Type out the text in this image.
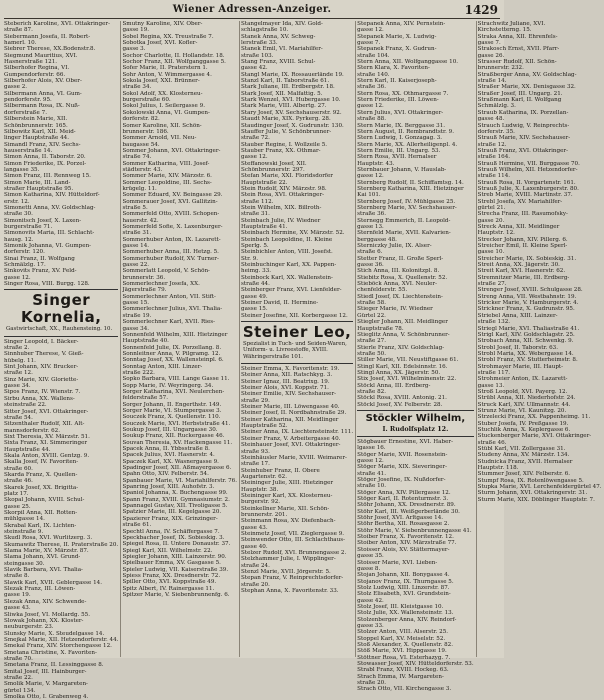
Wiener Adressen-Anzeiger.	1429
Steberich Karoline, XVI. Ottakringer-
straße 87.
Siebermann Josefa, II. Robert-
hamerl. 10.
Siebrer Therese, XX.Bodenstr.8.
Siegmund Mauritius, XVI.
Hasnerstraße 121.
Silberhofer Regina, VI.
Gumpendorferstr. 66.
Silberhofer Alois, XV. Ober-
gasse 2.
Silbermann Anna, VI. Gum-
pendorferstr. 95.
Silbermann Rosa, IX. Nuß-
dorferstraße 7.
Silberstein Marie, XII.
Schönbrunnerstr. 165.
Silbowitz Karl, XII. Meid-
linger Hauptstraße 44.
Simandl Franz, XIV. Sechs-
hauserstraße 14.
Simon Anna, II. Taborstr. 20.
Simon Friederike, IX. Porzel-
langasse 35.
Simon Franz, III. Rennweg 15.
Simon Marie, III. Land-
straßer Hauptstraße 95.
Simon Katharina, XIV. Hütteldorf-
erstr. 12.
Simonetti Anna, XV. Goldschlag-
straße 30.
Simonitsch Josef, X. Laxen-
burgerstraße 71.
Simonovits Maria, III. Schlacht-
hausg. 12.
Simonik Johanna, VI. Gumpen-
dorferstr. 120.
Sinai Franz, II. Wolfgang
Schmälzlg. 17.
Sinkovits Franz, XV. Feld-
gasse 12.
Singer Rosa, VIII. Burgg. 128.
Singer Kornelia,
Gastwirtschaft, XX., Rauhensteing. 10.
Singer Leopold, I. Bäcker-
straße 2.
Sinnhuber Therese, V. Gieß-
hübelg. 11.
Sint Johann, XIV. Brucker-
straße 12.
Sinz Marie, XIV. Gloriette-
gasse 34.
Sipos Franz, IV. Wienstr. 7.
Sirbu Anna, XX. Wallens-
steinstraße 22.
Sitter Josef, XVI. Ottakringer-
straße 54.
Sitzenthaler Rudolf, XII. Alt-
mannsdorferstr. 62.
Sixt Theresia, XV. Märzstr. 51.
Sixta Franz, XI. Simmeringer
Hauptstraße 44.
Skala Anton, XVIII. Gentzg. 9.
Skalla Josef, IV. Favoriten-
straße 60.
Skarda Franz, X. Quellen-
straße 46.
Skarek Josef, XX. Brigitta-
platz 17.
Skopal Johann, XVIII. Schul-
gasse 25.
Skorpil Anna, XII. Rotten-
mühlgasse 14.
Skrabal Karl, IX. Lichten-
steinstraße 9.
Skudl Rosa, XVI. Wurlitzerg. 3.
Skumawitz Therese, II. Praterstraße 20.
Slama Marie, XV. Märzstr. 87.
Slama Johann, XVI. Grund-
steingasse 30.
Slavik Barbara, XVI. Thalia-
straße 8.
Slawik Karl, XVII. Geblergasse 14.
Slezak Franz, III. Löwen-
gasse 19.
Slezak Anna, XIV. Schwende-
gasse 43.
Sliwka Josef, VI. Mollardg. 55.
Slowak Johann, XX. Kloster-
neuburgerstr. 23.
Slunsky Marie, X. Steudelgasse 14.
Smejkal Marie, XII. Hetzendorferstr. 44.
Smekal Franz, XIV. Storchengasse 12.
Smetana Christine, X. Favoriten-
straße 70.
Smetana Franz, II. Lessinggasse 8.
Smital Josef, III. Hainburger-
straße 22.
Smolik Marie, V. Margareten-
gürtel 134.
Smolka Otto, I. Grabenweg 4.
Smutny Karoline, XIV. Ober-
gasse 19.
Sobel Regina, XX. Treustraße 7.
Sobotka Josef, XVI. Kofler-
gasse 3.
Sochor Charlotte, II. Hollandstr. 18.
Sochor Franz, XII. Wolfganggasse 5.
Sofer Marie, II. Praterstern 1.
Sohr Anton, V. Wimmergasse 4.
Sokola Josef, XXI. Brünner-
straße 34.
Sokol Adolf, XX. Klosterneu-
burgerstraße 60.
Sokol Julius, I. Seilergasse 9.
Sokolowski Anna, VI. Gumpen-
dorferstr. 82.
Somer Karoline, XII. Schön-
brunnerstr. 186.
Sommer Arnold, VII. Neu-
baugasse 54.
Sommer Johann, XVI. Ottakringer-
straße 74.
Sommer Katharina, VIII. Josef-
städterstr. 43.
Sommer Marie, XIV. Märzstr. 6.
Sommer Leopoldine, III. Sechs-
krügelg. 11.
Sommer Eduard, XV. Beingasse 29.
Sommerauer Josef, XVI. Gallitzin-
straße 5.
Sommerfeld Otto, XVIII. Schopen-
hauerstr. 42.
Sommerfeld Sofie, X. Laxenburger-
straße 31.
Sommerhuber Anton, IX. Lazarett-
gasse 14.
Sommerhuber Anna, III. Hetzg. 5.
Sommerhuber Rudolf, XV. Turner-
gasse 22.
Sommerlatt Leopold, V. Schön-
brunnerstr. 36.
Sommerlechner Josefa, XX.
Jägerstraße 79.
Sommerlechner Anton, VII. Stift-
gasse 15.
Sommerlechner Julius, XVI. Thalia-
straße 19.
Sommerlechner Karl, XVII. Ries-
gasse 34.
Sonnenfeld Wilhelm, XIII. Hietzinger
Hauptstraße 40.
Sonnenfeld Julie, IX. Porzellang. 8.
Sonnleitner Anna, V. Pilgramg. 12.
Sonntag Josef, XX. Wallensteinpl. 6.
Sonntag Anton, XIII. Linzer-
straße 222.
Sopko Barbara, VIII. Lange Gasse 11.
Sopp Marie, IV. Weyringerg. 34.
Sorger Katharina, XVI. Neulerchen-
felderstraße 57.
Sorger Johann, II. Engerthstr. 149.
Sorger Marie, VI. Stumpergasse 3.
Souczek Franz, X. Quellenstr. 110.
Souczek Marie, XVI. Herbststraße 41.
Soukup Josef, III. Ungargasse 30.
Soukup Franz, XII. Ruckergasse 46.
Souvan Theresia, XV. Hackengasse 11.
Spacek Anna, II. Ybbsstraße 8.
Spacek Julius, XVI. Hasnerstr. 4.
Spaczek Karl, XX. Wasnergasse 9.
Spadinger Josef, XII. Aßmayergasse 6.
Spahn Otto, XIV. Felberstr. 54.
Spanbauer Marie, VI. Mariahilferstr. 76.
Spanring Josef, XIII. Auhofstr. 3.
Spaniol Johanna, X. Buchengasse 99.
Spann Franz, XVIII. Gymnasiumstr. 2.
Spannagel Gustav, XII. Tivoligasse 5.
Spatzier Marie, III. Kegelgasse 20.
Spazierer Franz, XIX. Grinzinger-
straße 61.
Spechtl Anna, IV. Schäffergasse 7.
Speckbacher Josef, IX. Sobieskig. 3.
Spiegel Rosa, II. Untere Donaustr. 37.
Spiegl Karl, XII. Wilhelmstr. 22.
Spiegler Johann, XIII. Lainzerstr. 90.
Spielbauer Emma, XV. Gasgasse 5.
Spieler Ludwig, VII. Kaiserstraße 39.
Spiess Franz, XX. Dresdnerstr. 72.
Spiller Otto, XVI. Koppstraße 49.
Spitz Albert, IV. Rainergasse 11.
Spitzer Marie, V. Siebenbrunnenfg. 6.
Stangelmayer Ida, XIV. Gold-
schlagstraße 10.
Stanek Anna, XV. Schweg-
lerstraße 33.
Stanek Emil, VI. Mariahilfer-
straße 103.
Stang Franz, XVIII. Schul-
gasse 42.
Stangl Marie, IX. Rossauerlände 19.
Stanzl Karl, II. Taborstraße 61.
Stark Juliane, III. Erdbergstr. 18.
Stark Josef, XII. Malfattig. 5.
Stark Wenzel, XVI. Hubergasse 10.
Stark Marie, VIII. Albertg. 27.
Stary Josef, XV. Sechshauserstr. 92.
Staudt Marie, XIX. Pyrkerg. 28.
Staudinger Josef, X. Gudrunstr. 130.
Stauffer Julie, V. Schönbrunner-
straße 72.
Stauber Regine, I. Wollzeile 5.
Stauber Franz, XX. Othmar-
gasse 12.
Steffanowski Josef, XII.
Schönbrunnerstr. 297.
Stefan Marie, XXI. Floridsdorfer
Hauptstraße 22.
Stein Rudolf, XIV. Märzstr. 98.
Stein Rosa, XVI. Ottakringer-
straße 112.
Stein Wilhelm, XIX. Billroth-
straße 31.
Steinbach Julie, IV. Wiedner
Hauptstraße 41.
Steinbach Hermine, XV. Märzstr. 52.
Steinbach Leopoldine, II. Kleine
Sperlg. 5.
Steinbichler Anton, VIII. Josefst.
Str. 9.
Steinbuchinger Karl, XX. Pappen-
heimg. 33.
Steinbock Karl, XX. Wallenstein-
straße 44.
Steinberger Franz, XVI. Lienfelder-
gasse 49.
Steiner David, II. Hermine-
gasse 15.
Steiner Josefine, XII. Korbergasse 12.
Steiner Leo,
Spezialist in Tuch- und Seiden-Waren, Uniform- u. Livreestoffe, XVIII. Währingerstraße 101.
Steiner Emma, X. Favoritenstr. 19.
Steiner Anna, XII. Ratschkyg. 3.
Steiner Ignaz, III. Beatrixg. 19.
Steiner Alois, XVI. Koppstr. 71.
Steiner Emilie, XIV. Sechshauser-
straße 29.
Steiner Marie, III. Löwengasse 40.
Steiner Josef, II. Nordbahnstraße 29.
Steiner Katharina, XII. Meidlinger
Hauptstraße 52.
Steiner Anna, IX. Liechtensteinstr. 111.
Steiner Franz, V. Arbeitergasse 40.
Steinhauer Josef, XVI. Ottakringer-
straße 93.
Steinhäusler Marie, XVIII. Weimarer-
straße 17.
Steinhuber Franz, II. Obere
Augartenstr. 62.
Steininger Julie, XIII. Hietzinger
Hauptstr. 38.
Steininger Karl, XX. Klosterneu-
burgerstr. 92.
Steinkellner Marie, XII. Schön-
brunnerstr. 201.
Steinmann Rosa, XV. Diefenbach-
gasse 43.
Steinmetz Josef, VII. Zieglergasse 9.
Steinwender Otto, III. Schlachthaus-
gasse 40.
Stelzer Rudolf, XVI. Brunnengasse 2.
Stelzhammer Julie, I. Wipplinger-
straße 24.
Stenzl Marie, XVII. Jörgerstr. 5.
Stepan Franz, V. Reinprechtsdorfer-
straße 20.
Stephan Anna, X. Favoritenstr. 33.
Stepanek Anna, XIV. Pernstein-
gasse 12.
Stepanek Marie, X. Ludwig-
gasse 7.
Stepanek Franz, X. Gudrun-
straße 104.
Stern Anna, XII. Wolfganggasse 10.
Stern Klara, X. Favoriten-
straße 140.
Stern Karl, II. Kaiserjoseph-
straße 36.
Stern Rosa, XX. Othmargasse 7.
Stern Friederike, III. Löwen-
gasse 12.
Stern Julius, XVI. Ottakringer-
straße 88.
Stern Marie, IX. Berggasse 31.
Stern August, II. Rembrandtstr. 9.
Stern Ludwig, I. Gonzagag. 3.
Stern Marie, XX. Allerheiligenpl. 4.
Stern Emilie, III. Ungarg. 53.
Stern Rosa, XVII. Hernalser
Hauptstr. 43.
Sternbauer Johann, V. Hauslab-
gasse 12.
Sternberg Rudolf, II. Schiffamtsg. 14.
Sternberg Katharina, XIII. Hietzinger
Kai 101.
Sternberg Josef, IV. Mühlgasse 25.
Sternberg Marie, XV. Sechshauser-
straße 36.
Sternegg Emmerich, II. Leopold-
gasse 13.
Sternfeld Marie, XVII. Kalvarien-
berggasse 48.
Sterniczky Julie, IX. Alser-
straße 6.
Stetter Franz, II. Große Sperl-
gasse 36.
Stich Anna, III. Kolonitzpl. 8.
Stiebitz Rosa, X. Quellenstr. 52.
Stieböck Anna, XVI. Neuler-
chenfelderstr. 55.
Stiedl Josef, IX. Liechtenstein-
straße 58.
Stieger Marie, IV. Wiedner
Gürtel 22.
Stiegler Johann, XII. Meidlinger
Hauptstraße 78.
Stieglitz Anna, V. Schönbrunner-
straße 27.
Stierle Franz, XIV. Goldschlag-
straße 50.
Stiller Marie, VII. Neustiftgasse 61.
Stingl Karl, XII. Edelsinnstr. 16.
Stingl Anna, XX. Jägerstr. 50.
Stix Josef, XVI. Wilhelminenstr. 22.
Stöckl Anna, III. Erdberg-
straße 82.
Stöckl Rosa, XVIII. Antonig. 21.
Stöckl Josef, XV. Felberstr. 28.
Stöckler Wilhelm,
I. Rudolfsplatz 12.
Stögbauer Ernestine, XVI. Haber-
lgasse 16.
Stöger Marie, XVII. Rosenstein-
gasse 12.
Stöger Marie, XIX. Sieveringer-
straße 41.
Stöger Josefine, IX. Nußdorfer-
straße 10.
Stöger Anna, XIV. Pillergasse 12.
Stöger Karl, II. Rotenturmstr. 3.
Stöhr Johann, XX. Dresdnerstr. 89.
Stöhr Karl, III. Weißgerberlände 30.
Stöhr Josef, XVI. Arltgasse 14.
Stöhr Bertha, XII. Rosasgasse 2.
Stöhr Marie, V. Siebenbrunnengasse 41.
Stoiber Franz, X. Favoritenstr. 12.
Stoiber Anton, XIV. Märzstraße 77.
Stoisser Alois, XV. Stättermayer-
gasse 35.
Stoisser Marie, XVI. Lieben-
gasse 8.
Stojan Johann, XII. Bonygasse 4.
Stojanov Franz, IX. Thurngasse 5.
Stolz Ludwig, XIII. Linzerstr. 87.
Stolz Elisabeth, XVI. Grundstein-
gasse 42.
Stolz Josef, III. Kleistgasse 10.
Stolz Julie, XX. Wallensteinstr. 13.
Stolzenberger Anna, XIV. Reindorf-
gasse 33.
Stolzer Anton, VIII. Alserstr. 25.
Stoppel Karl, XV. Meiselstr. 52.
Stoß Alexander, X. Quellenstr. 82.
Stöß Marie, XVI. Hippgasse 19.
Stöttner Rosa, VI. Esterhazyg. 7.
Stowasser Josef, XIV. Hütteldorferstr. 53.
Strabl Franz, XVIII. Hockeg. 63.
Strach Emma, IV. Margareten-
straße 20.
Strach Otto, VII. Kirchengasse 3.
Strachwitz Juliane, XVI.
Kirchstetterng. 15.
Straka Anna, XII. Ehrenfels-
gasse 7.
Strakosch Ernst, XVII. Pfarr-
gasse 26.
Strasser Rudolf, XII. Schön-
brunnerstr. 232.
Straßberger Anna, XV. Goldschlag-
straße 14.
Straßer Marie, XX. Denisgasse 32.
Straßer Josef, III. Ungarg. 21.
Straßmann Karl, II. Wolfgang
Schmälzlg. 3.
Straub Katharina, IX. Porzellan-
gasse 48.
Strauch Ludwig, V. Reinprechts-
dorferstr. 35.
Strauß Marie, XIV. Sechshauser-
straße 12.
Strauß Franz, XVI. Ottakringer-
straße 164.
Strauß Hermine, VII. Burggasse 70.
Strauß Wilhelm, XII. Hetzendorfer-
straße 114.
Strauß Rosa, II. Vorgartenstr. 161.
Strauß Julie, X. Laxenburgerstr. 80.
Streb Marie, XVIII. Martinstr. 37.
Strebl Josefa, XV. Mariahilfer-
gürtel 21.
Strecha Franz, III. Rasumofsky-
gasse 20.
Streck Anna, XII. Meidlinger
Hauptstr. 12.
Strecker Johann, XIV. Pillerg. 6.
Streicher Emil, II. Kleine Sperl-
gasse 10.
Streicher Marie, IX. Sobieskig. 31.
Streit Anna, XX. Jägerstr. 30.
Streit Karl, XVI. Hasnerstr. 62.
Stremnitzer Marie, III. Erdberg-
straße 27.
Strenger Josef, XVIII. Schulgasse 28.
Streng Anna, VII. Westbahnstr. 19.
Stricker Marie, V. Hamburgerstr. 4.
Strickner Franz, X. Gudrunstr. 95.
Striebel Anna, XIII. Lainzer-
straße 132.
Striegl Marie, XVI. Thaliastraße 41.
Strigl Karl, XIV. Goldschlagstr. 25.
Strobach Anna, XII. Schwenkg. 9.
Strobl Josef, II. Taborstr. 63.
Strobl Maria, XX. Webergasse 14.
Strobl Franz, XV. Stutterheimstr. 8.
Strohmayer Marie, III. Haupt-
straße 117.
Strohmeier Anton, IX. Lazarett-
gasse 13.
Stroß Leopold, XVI. Payerg. 12.
Strübl Anna, XII. Niederhofstr. 24.
Struck Karl, XIV. Ullmannstr. 44.
Strunz Marie, VI. Kaunitzg. 20.
Strzelecki Franz, XX. Pappenheimg. 11.
Stuber Josefa, IV. Preßgasse 19.
Stuchlik Anna, X. Keplergasse 6.
Stuckenberger Marie, XVI. Ottakringer-
straße 46.
Stübl Karl, VII. Zollergasse 31.
Studeny Anna, XV. Märzstr. 134.
Studnicka Franz, XVII. Hernalser
Hauptstr. 118.
Stummer Josef, XIV. Felberstr. 6.
Stumpf Rosa, IX. Rotenlöwengasse 5.
Stupka Marie, XVI. Lerchenfeldergürtel 47.
Sturm Johann, XVI. Ottakringerstr. 31.
Sturm Marie, XIX. Döblinger Hauptstr. 7.
